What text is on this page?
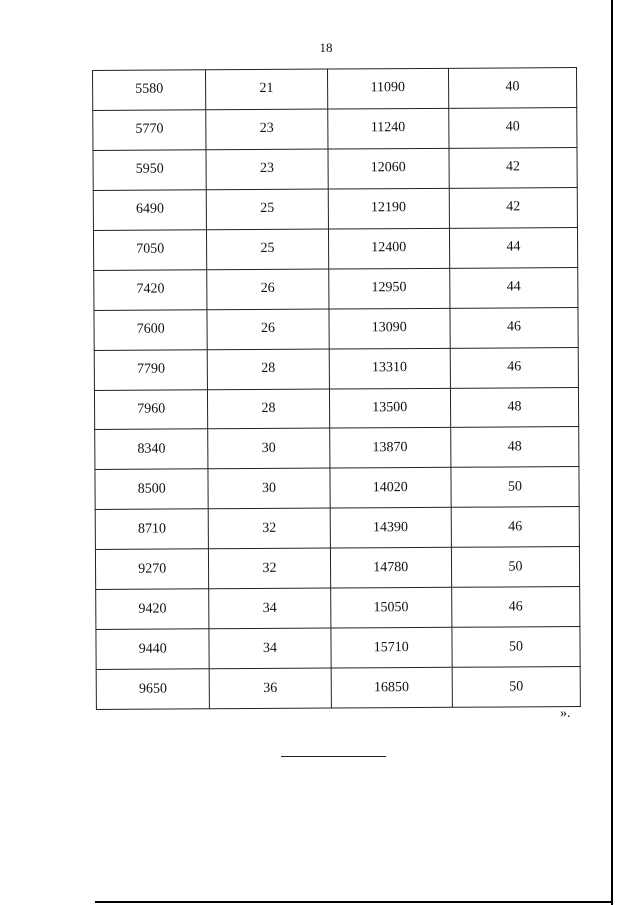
18
5580	21	11090	40
5770	23	11240	40
5950	23	12060	42
6490	25	12190	42
7050	25	12400	44
7420	26	12950	44
7600	26	13090	46
7790	28	13310	46
7960	28	13500	48
8340	30	13870	48
8500	30	14020	50
8710	32	14390	46
9270	32	14780	50
9420	34	15050	46
9440	34	15710	50
9650	36	16850	50
».
